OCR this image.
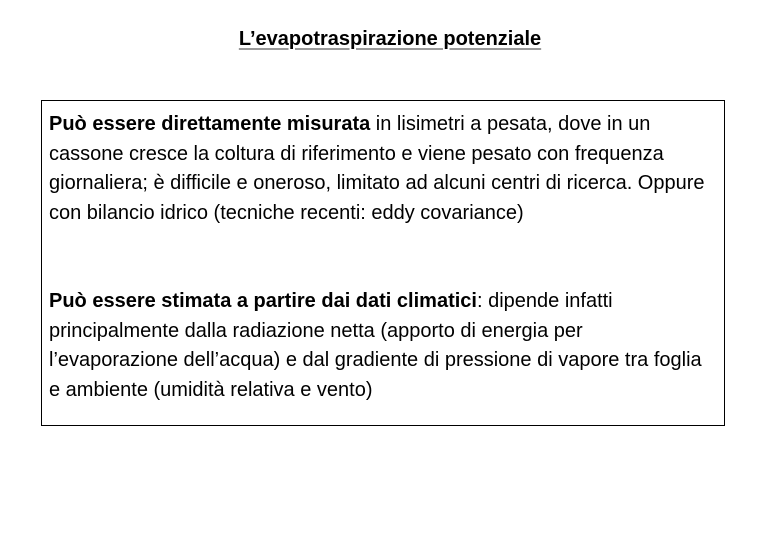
L’evapotraspirazione potenziale

Può essere direttamente misurata in lisimetri a pesata, dove in un cassone cresce la coltura di riferimento e viene pesato con frequenza giornaliera; è difficile e oneroso, limitato ad alcuni centri di ricerca. Oppure con bilancio idrico (tecniche recenti: eddy covariance)

Può essere stimata a partire dai dati climatici: dipende infatti principalmente dalla radiazione netta (apporto di energia per l’evaporazione dell’acqua) e dal gradiente di pressione di vapore tra foglia e ambiente (umidità relativa e vento)
